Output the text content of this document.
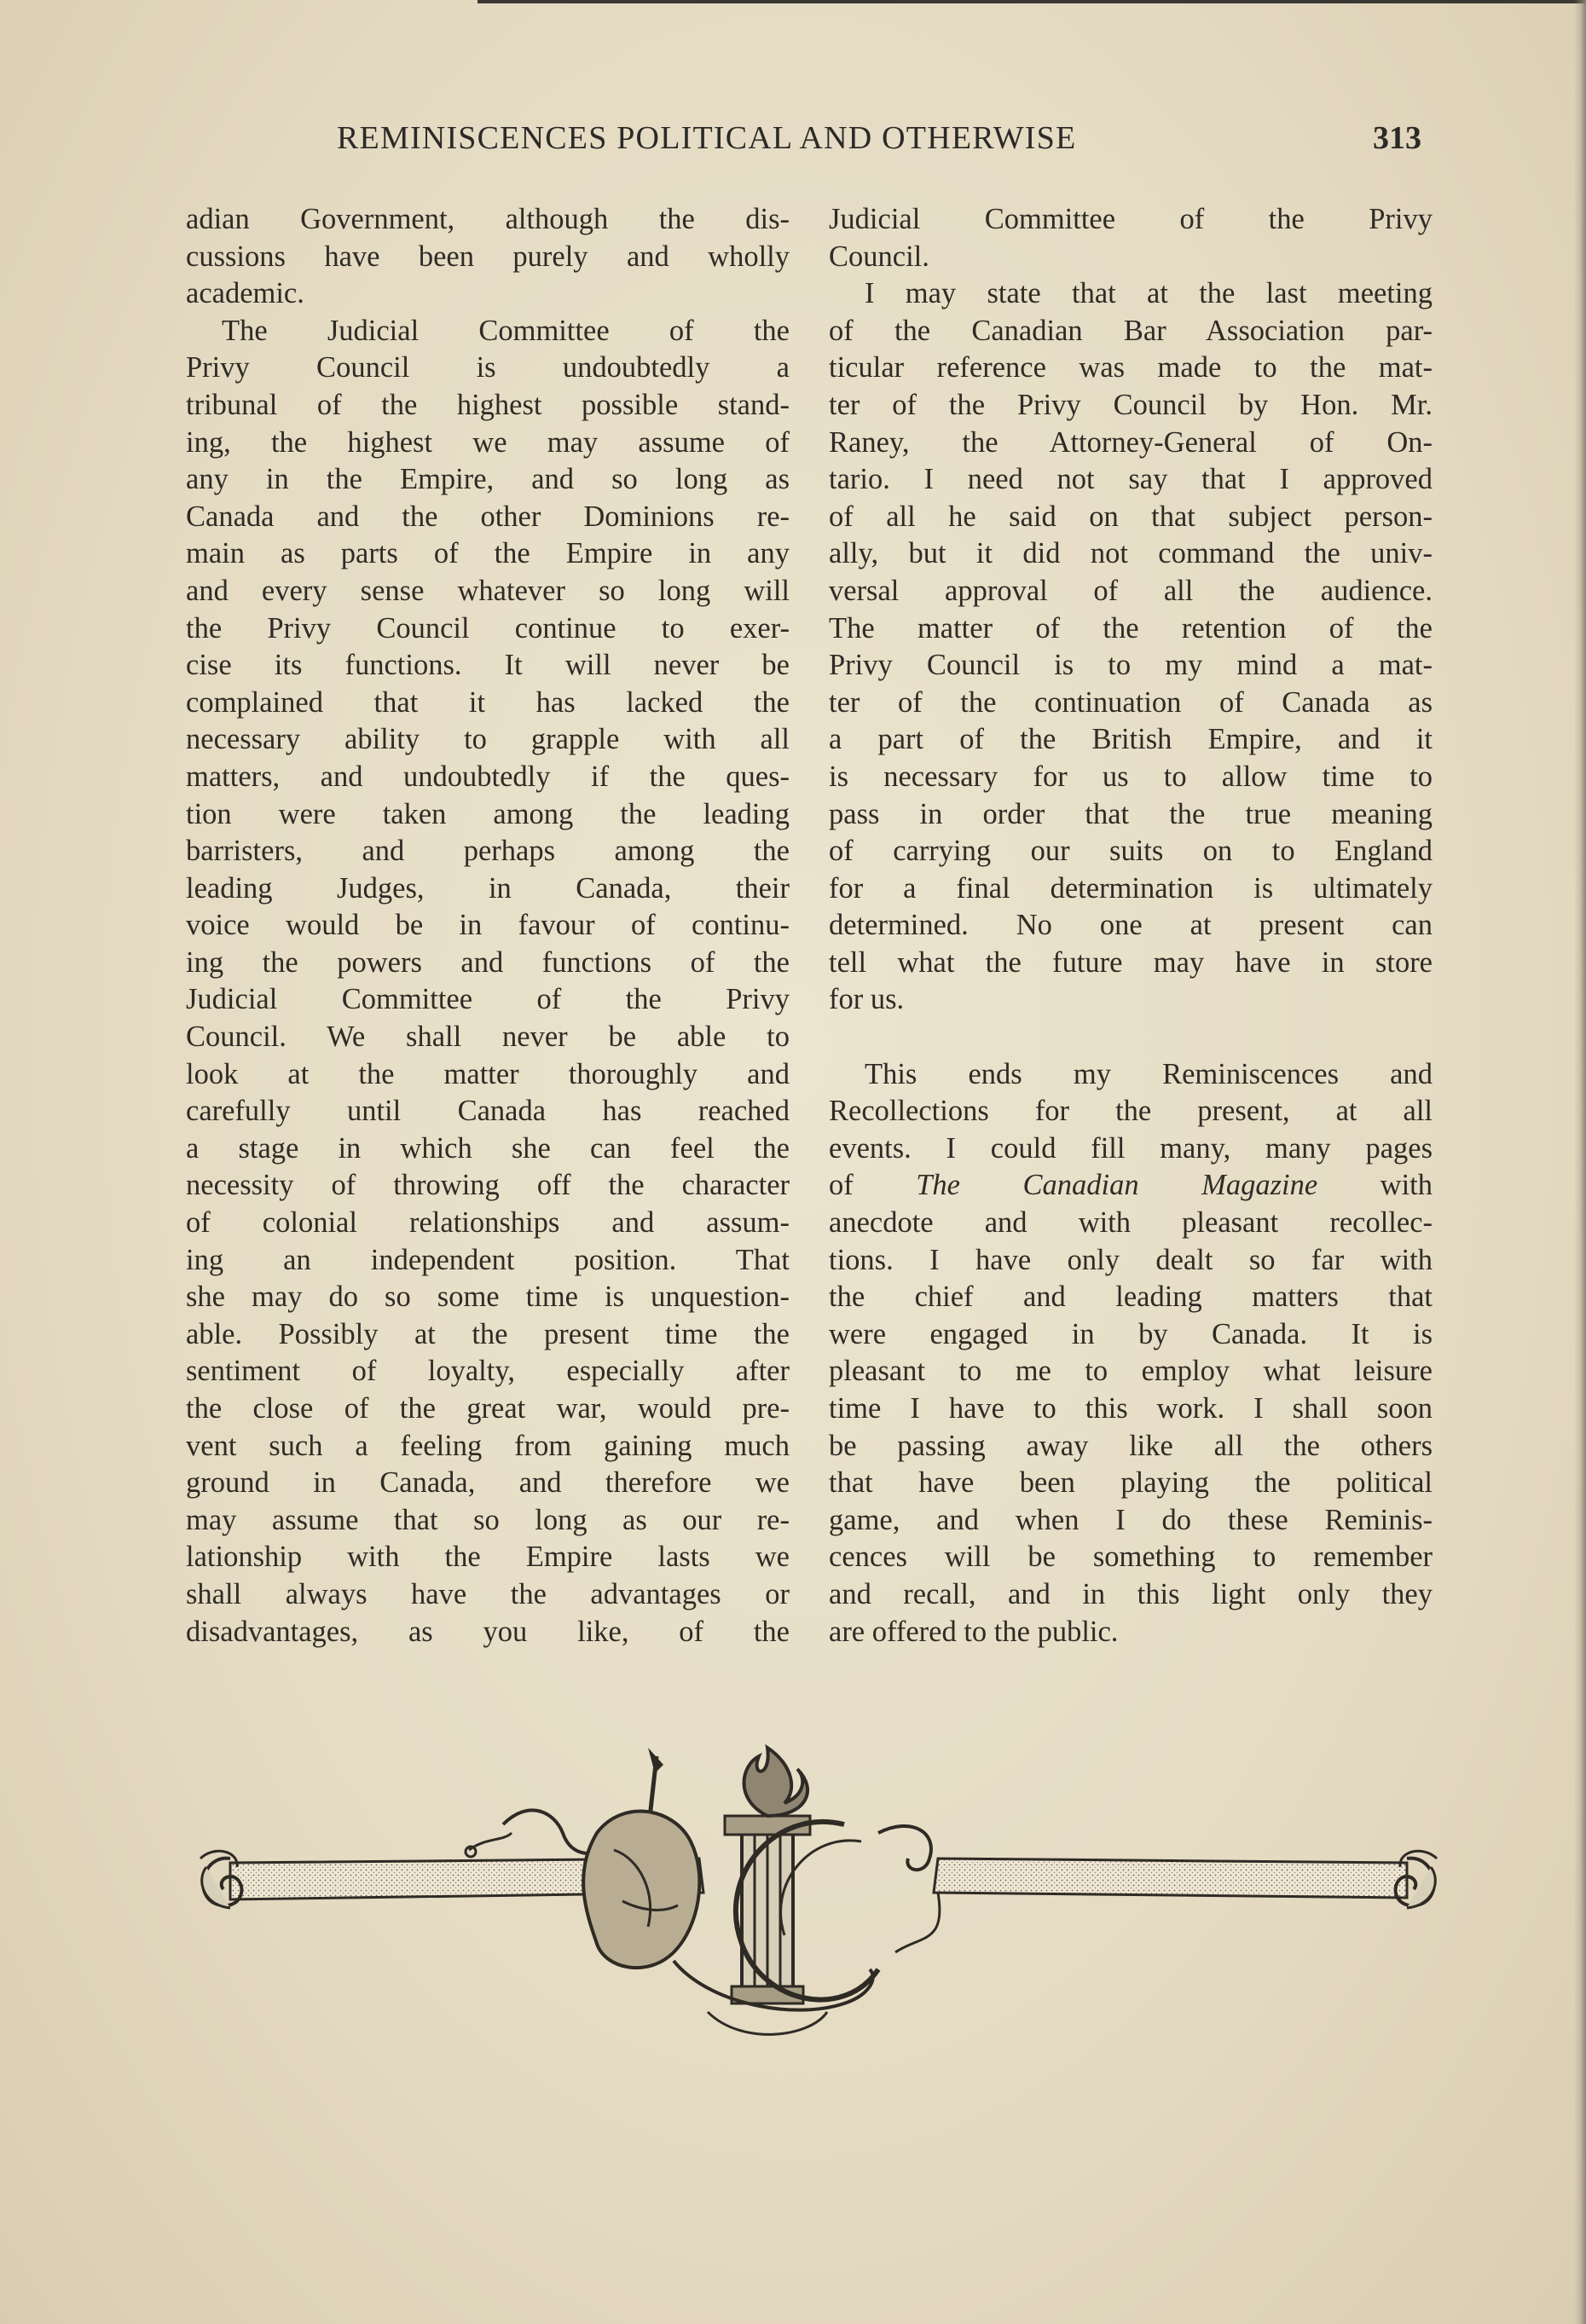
REMINISCENCES POLITICAL AND OTHERWISE	313
adian Government, although the dis-
cussions have been purely and wholly
academic.
The Judicial Committee of the
Privy Council is undoubtedly a
tribunal of the highest possible stand-
ing, the highest we may assume of
any in the Empire, and so long as
Canada and the other Dominions re-
main as parts of the Empire in any
and every sense whatever so long will
the Privy Council continue to exer-
cise its functions. It will never be
complained that it has lacked the
necessary ability to grapple with all
matters, and undoubtedly if the ques-
tion were taken among the leading
barristers, and perhaps among the
leading Judges, in Canada, their
voice would be in favour of continu-
ing the powers and functions of the
Judicial Committee of the Privy
Council. We shall never be able to
look at the matter thoroughly and
carefully until Canada has reached
a stage in which she can feel the
necessity of throwing off the character
of colonial relationships and assum-
ing an independent position. That
she may do so some time is unquestion-
able. Possibly at the present time the
sentiment of loyalty, especially after
the close of the great war, would pre-
vent such a feeling from gaining much
ground in Canada, and therefore we
may assume that so long as our re-
lationship with the Empire lasts we
shall always have the advantages or
disadvantages, as you like, of the
Judicial Committee of the Privy
Council.
I may state that at the last meeting
of the Canadian Bar Association par-
ticular reference was made to the mat-
ter of the Privy Council by Hon. Mr.
Raney, the Attorney-General of On-
tario. I need not say that I approved
of all he said on that subject person-
ally, but it did not command the univ-
versal approval of all the audience.
The matter of the retention of the
Privy Council is to my mind a mat-
ter of the continuation of Canada as
a part of the British Empire, and it
is necessary for us to allow time to
pass in order that the true meaning
of carrying our suits on to England
for a final determination is ultimately
determined. No one at present can
tell what the future may have in store
for us.
This ends my Reminiscences and
Recollections for the present, at all
events. I could fill many, many pages
of The Canadian Magazine with
anecdote and with pleasant recollec-
tions. I have only dealt so far with
the chief and leading matters that
were engaged in by Canada. It is
pleasant to me to employ what leisure
time I have to this work. I shall soon
be passing away like all the others
that have been playing the political
game, and when I do these Reminis-
cences will be something to remember
and recall, and in this light only they
are offered to the public.
